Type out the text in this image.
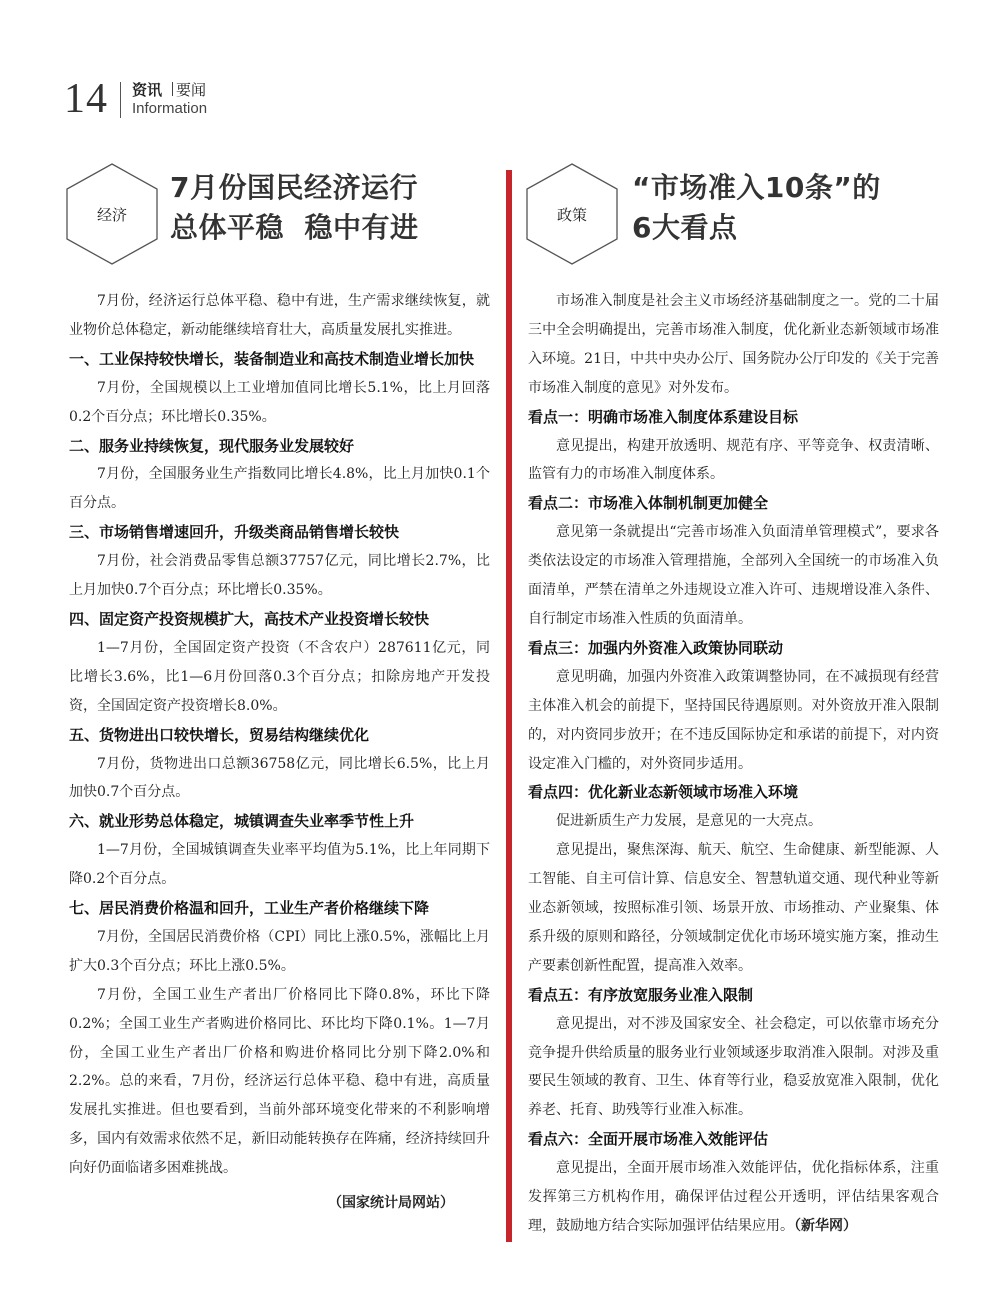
14 资讯 要闻
Information
经济
7月份国民经济运行
总体平稳  稳中有进	政策
“市场准入10条”的
6大看点

7月份，经济运行总体平稳、稳中有进，生产需求继续恢复，就业物价总体稳定，新动能继续培育壮大，高质量发展扎实推进。

一、工业保持较快增长，装备制造业和高技术制造业增长加快

7月份，全国规模以上工业增加值同比增长5.1%，比上月回落0.2个百分点；环比增长0.35%。

二、服务业持续恢复，现代服务业发展较好

7月份，全国服务业生产指数同比增长4.8%，比上月加快0.1个百分点。

三、市场销售增速回升，升级类商品销售增长较快

7月份，社会消费品零售总额37757亿元，同比增长2.7%，比上月加快0.7个百分点；环比增长0.35%。

四、固定资产投资规模扩大，高技术产业投资增长较快

1—7月份，全国固定资产投资（不含农户）287611亿元，同比增长3.6%，比1—6月份回落0.3个百分点；扣除房地产开发投资，全国固定资产投资增长8.0%。

五、货物进出口较快增长，贸易结构继续优化

7月份，货物进出口总额36758亿元，同比增长6.5%，比上月加快0.7个百分点。

六、就业形势总体稳定，城镇调查失业率季节性上升

1—7月份，全国城镇调查失业率平均值为5.1%，比上年同期下降0.2个百分点。

七、居民消费价格温和回升，工业生产者价格继续下降

7月份，全国居民消费价格（CPI）同比上涨0.5%，涨幅比上月扩大0.3个百分点；环比上涨0.5%。

7月份，全国工业生产者出厂价格同比下降0.8%，环比下降0.2%；全国工业生产者购进价格同比、环比均下降0.1%。1—7月份，全国工业生产者出厂价格和购进价格同比分别下降2.0%和2.2%。总的来看，7月份，经济运行总体平稳、稳中有进，高质量发展扎实推进。但也要看到，当前外部环境变化带来的不利影响增多，国内有效需求依然不足，新旧动能转换存在阵痛，经济持续回升向好仍面临诸多困难挑战。

（国家统计局网站）

市场准入制度是社会主义市场经济基础制度之一。党的二十届三中全会明确提出，完善市场准入制度，优化新业态新领域市场准入环境。21日，中共中央办公厅、国务院办公厅印发的《关于完善市场准入制度的意见》对外发布。

看点一：明确市场准入制度体系建设目标

意见提出，构建开放透明、规范有序、平等竞争、权责清晰、监管有力的市场准入制度体系。

看点二：市场准入体制机制更加健全

意见第一条就提出“完善市场准入负面清单管理模式”，要求各类依法设定的市场准入管理措施，全部列入全国统一的市场准入负面清单，严禁在清单之外违规设立准入许可、违规增设准入条件、自行制定市场准入性质的负面清单。

看点三：加强内外资准入政策协同联动

意见明确，加强内外资准入政策调整协同，在不减损现有经营主体准入机会的前提下，坚持国民待遇原则。对外资放开准入限制的，对内资同步放开；在不违反国际协定和承诺的前提下，对内资设定准入门槛的，对外资同步适用。

看点四：优化新业态新领域市场准入环境

促进新质生产力发展，是意见的一大亮点。

意见提出，聚焦深海、航天、航空、生命健康、新型能源、人工智能、自主可信计算、信息安全、智慧轨道交通、现代种业等新业态新领域，按照标准引领、场景开放、市场推动、产业聚集、体系升级的原则和路径，分领域制定优化市场环境实施方案，推动生产要素创新性配置，提高准入效率。

看点五：有序放宽服务业准入限制

意见提出，对不涉及国家安全、社会稳定，可以依靠市场充分竞争提升供给质量的服务业行业领域逐步取消准入限制。对涉及重要民生领域的教育、卫生、体育等行业，稳妥放宽准入限制，优化养老、托育、助残等行业准入标准。

看点六：全面开展市场准入效能评估

意见提出，全面开展市场准入效能评估，优化指标体系，注重发挥第三方机构作用，确保评估过程公开透明，评估结果客观合理，鼓励地方结合实际加强评估结果应用。（新华网）
